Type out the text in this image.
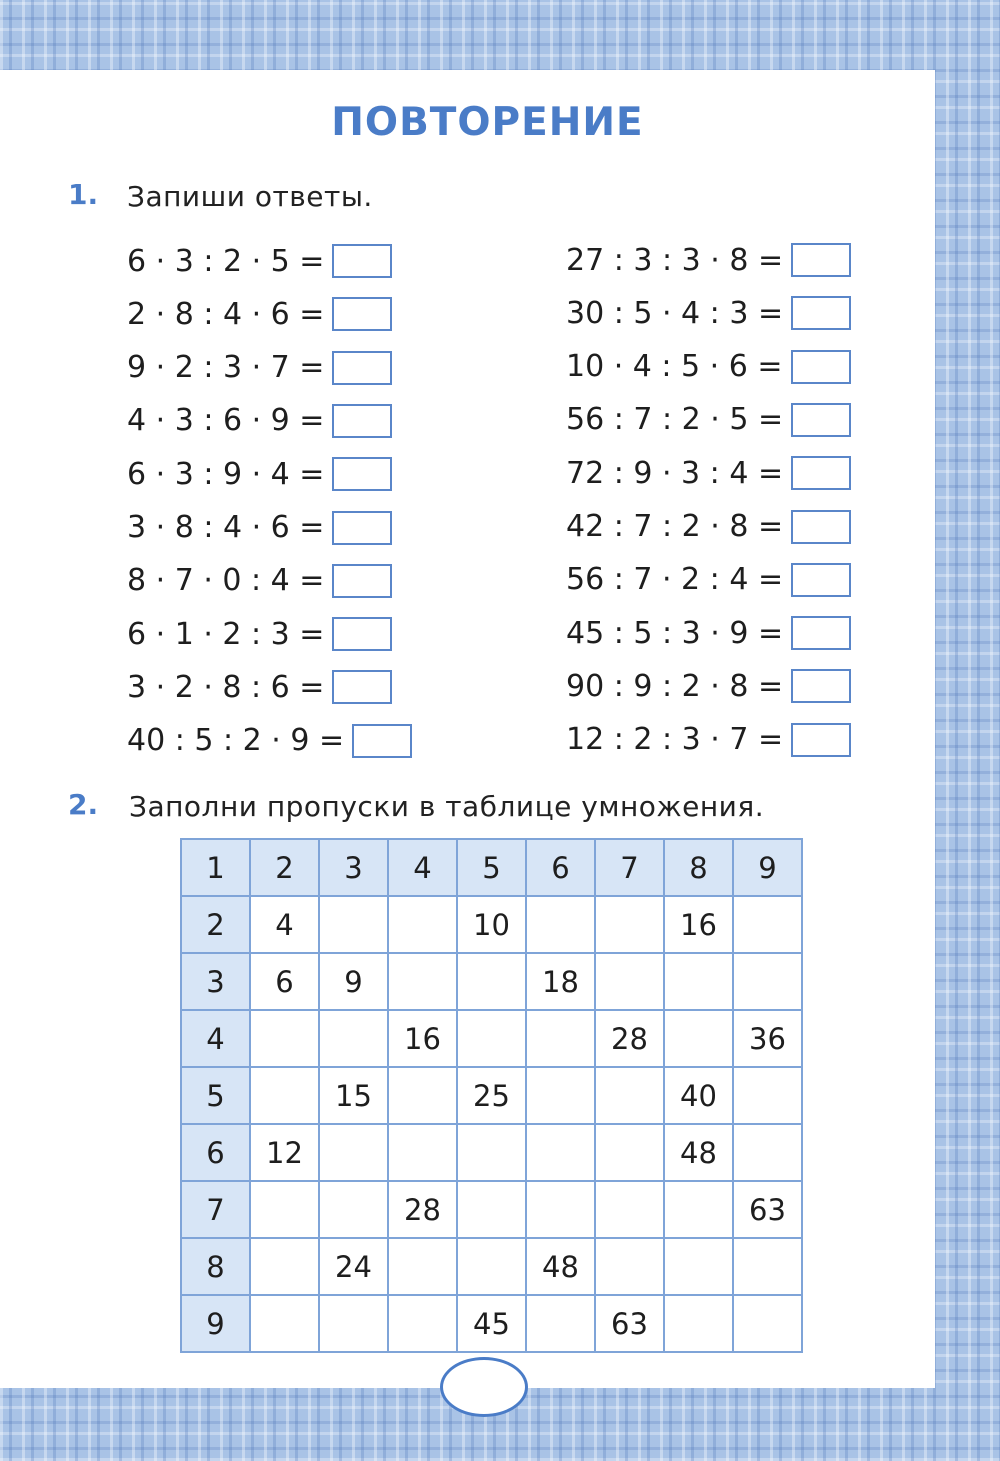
ПОВТОРЕНИЕ
1. Запиши ответы.
6 · 3 : 2 · 5 =
2 · 8 : 4 · 6 =
9 · 2 : 3 · 7 =
4 · 3 : 6 · 9 =
6 · 3 : 9 · 4 =
3 · 8 : 4 · 6 =
8 · 7 · 0 : 4 =
6 · 1 · 2 : 3 =
3 · 2 · 8 : 6 =
40 : 5 : 2 · 9 =
27 : 3 : 3 · 8 =
30 : 5 · 4 : 3 =
10 · 4 : 5 · 6 =
56 : 7 : 2 · 5 =
72 : 9 · 3 : 4 =
42 : 7 : 2 · 8 =
56 : 7 · 2 : 4 =
45 : 5 : 3 · 9 =
90 : 9 : 2 · 8 =
12 : 2 : 3 · 7 =
2. Заполни пропуски в таблице умножения.
1	2	3	4	5	6	7	8	9
2	4			10			16	
3	6	9			18			
4			16			28		36
5		15		25			40	
6	12						48	
7			28					63
8		24			48			
9				45		63		
